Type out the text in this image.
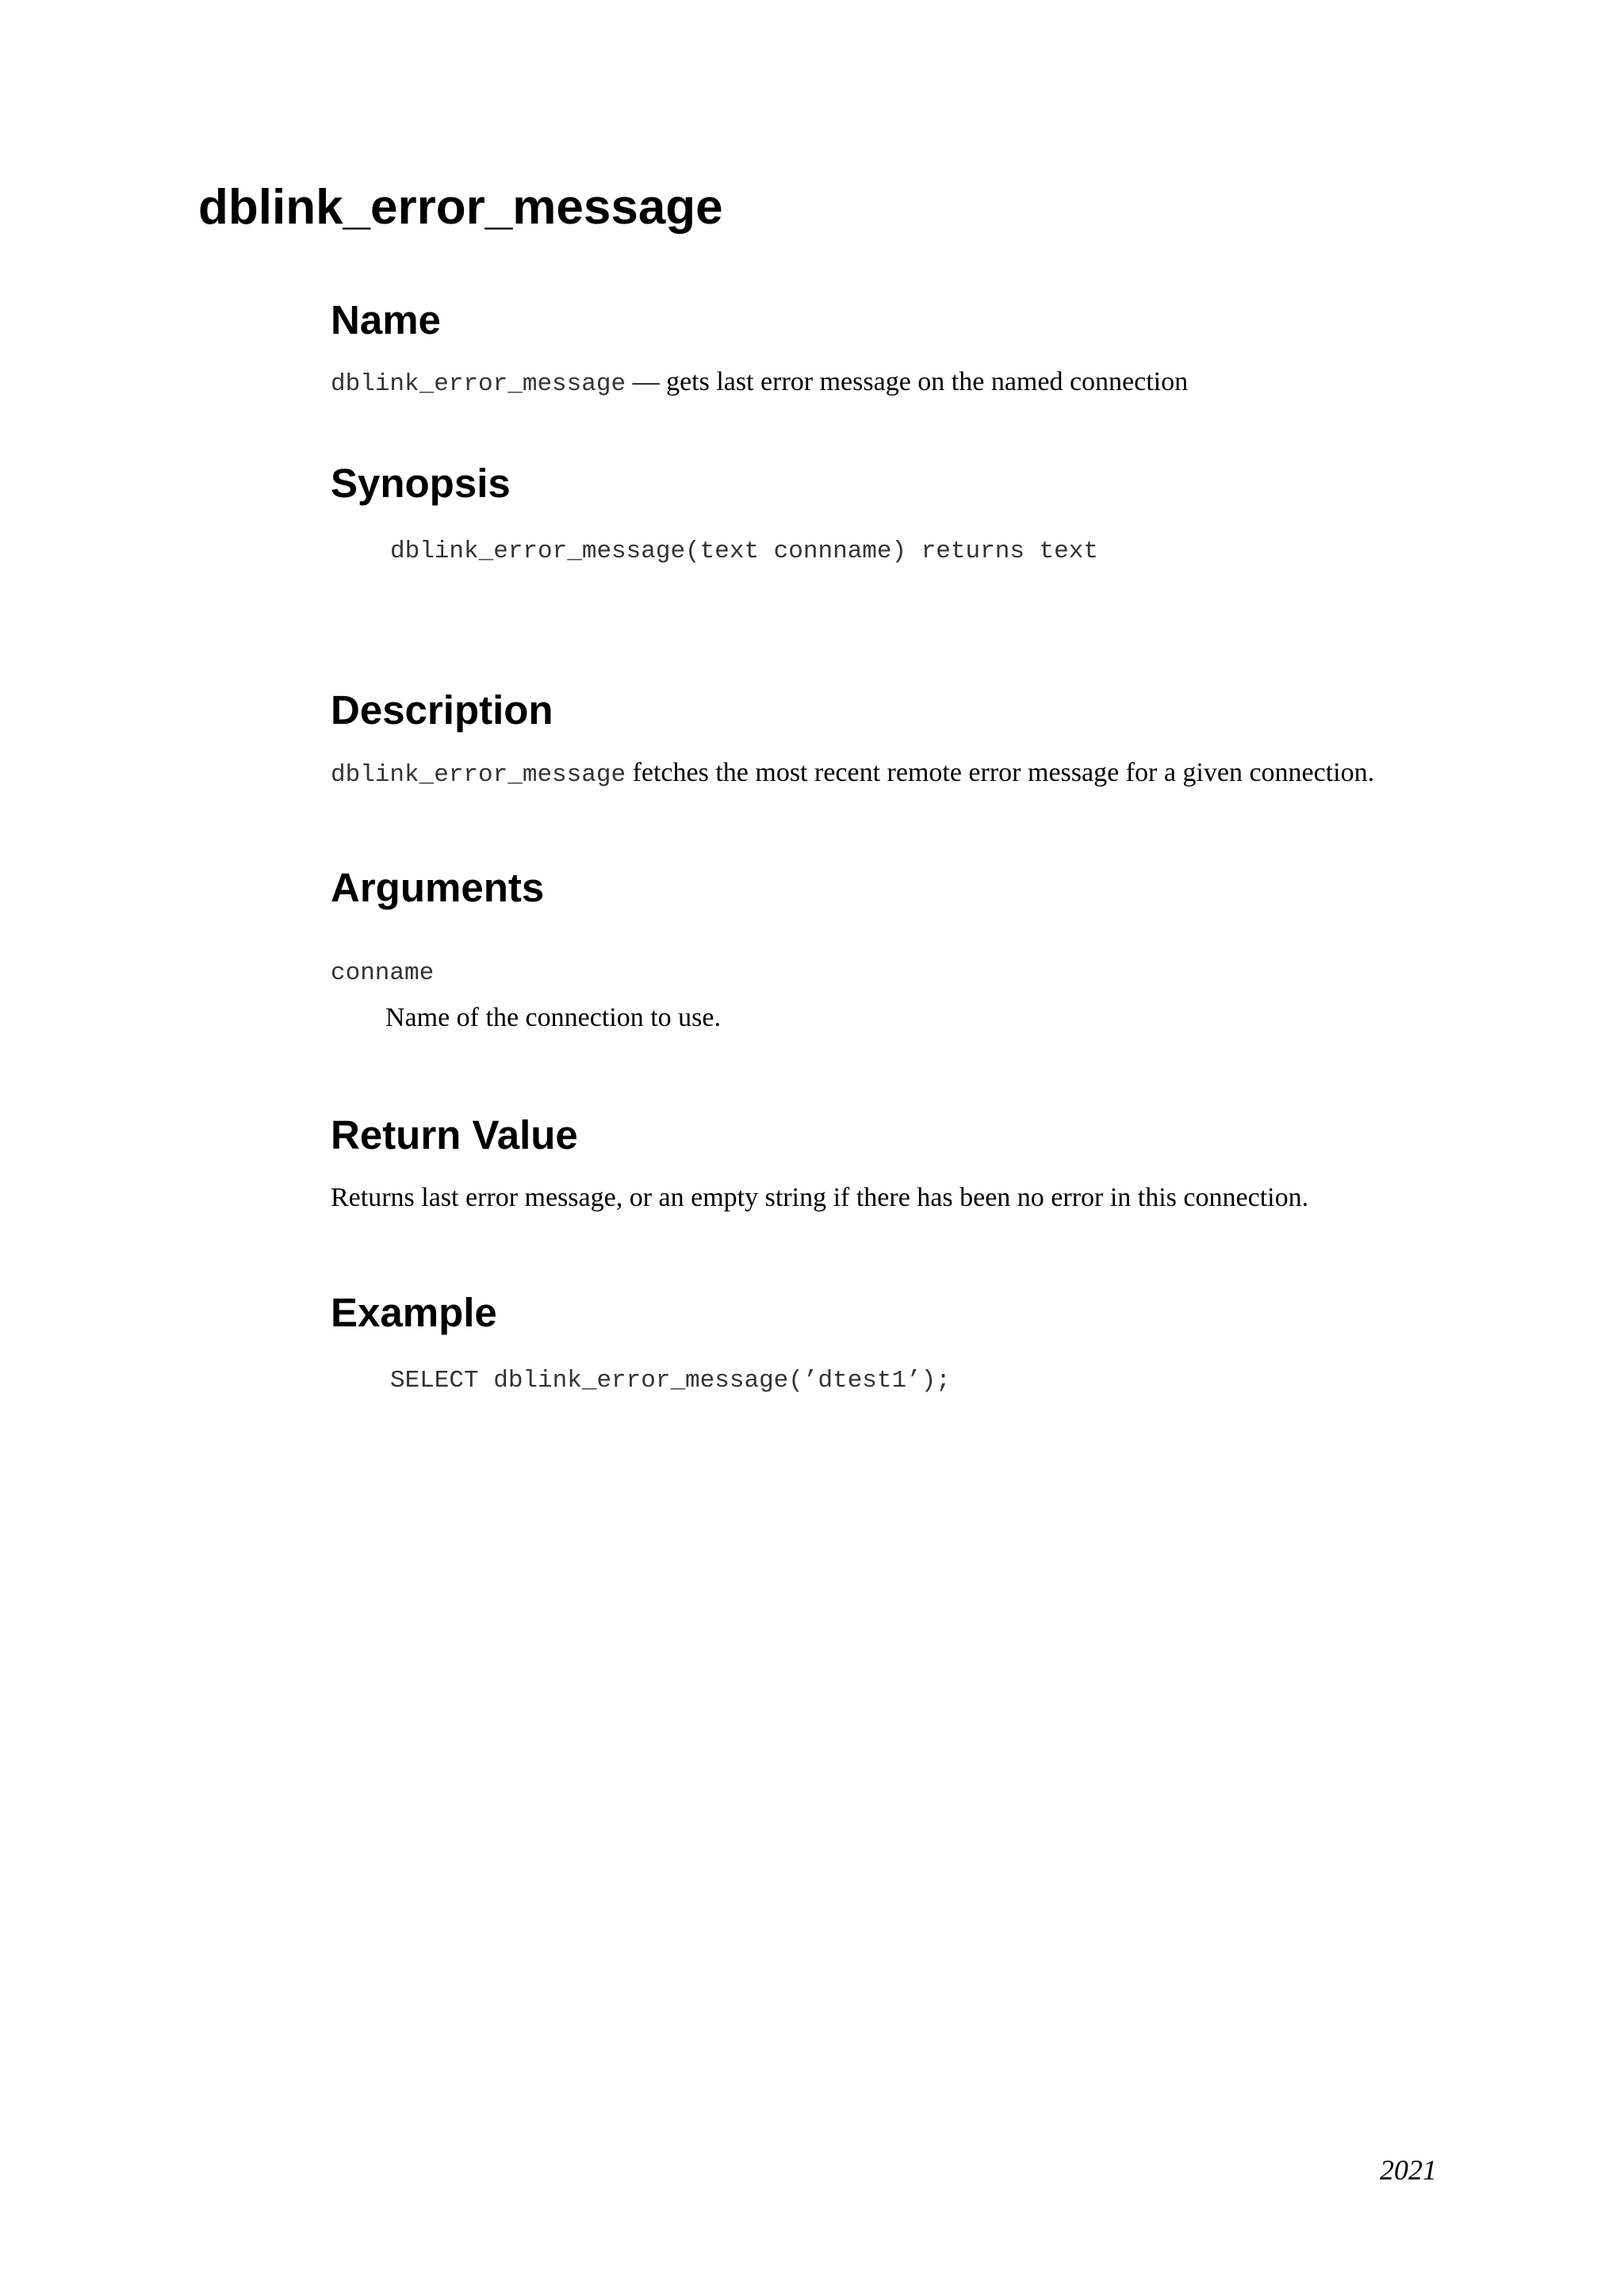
dblink_error_message
Name

dblink_error_message — gets last error message on the named connection

Synopsis
dblink_error_message(text connname) returns text
Description

dblink_error_message fetches the most recent remote error message for a given connection.

Arguments

conname

Name of the connection to use.

Return Value

Returns last error message, or an empty string if there has been no error in this connection.

Example
SELECT dblink_error_message(’dtest1’);

2021
